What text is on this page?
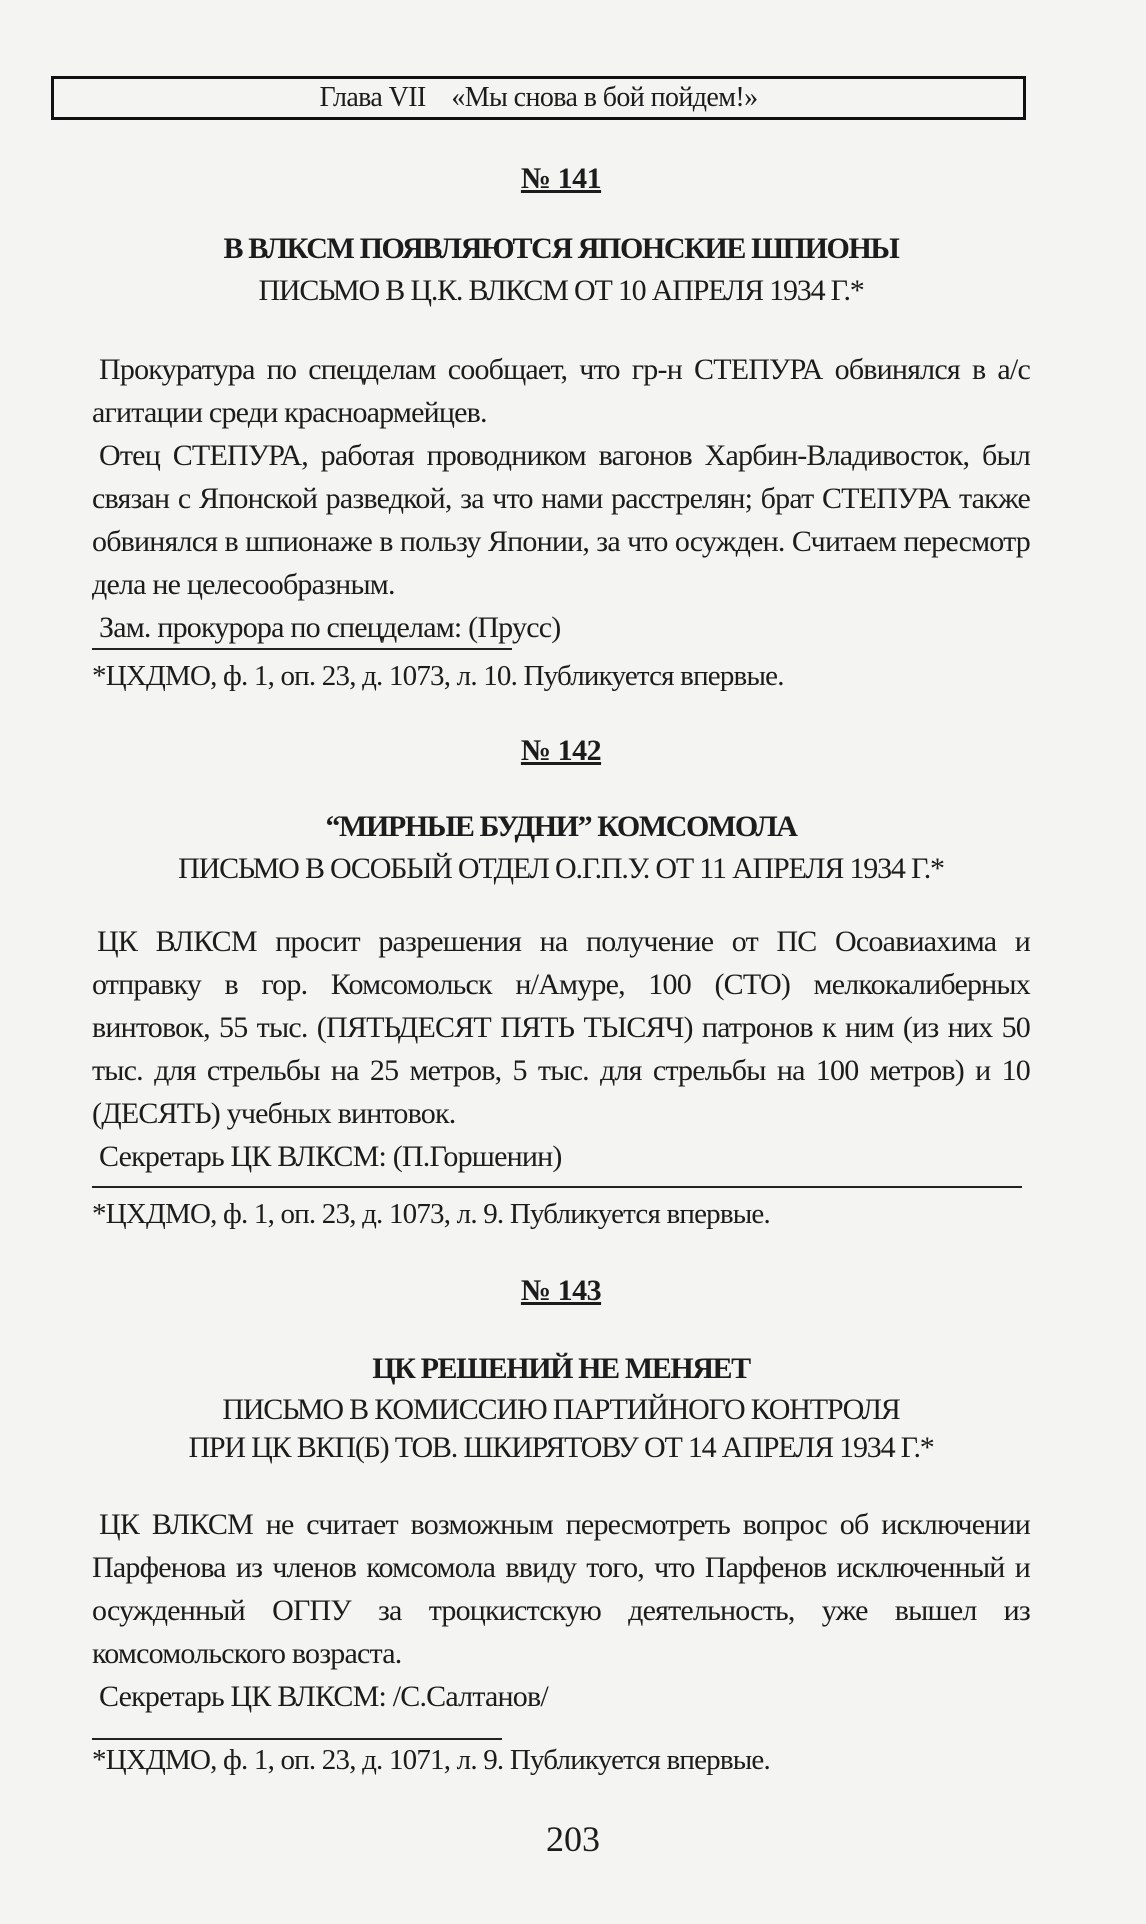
Глава VII «Мы снова в бой пойдем!»
№ 141
В ВЛКСМ ПОЯВЛЯЮТСЯ ЯПОНСКИЕ ШПИОНЫ
ПИСЬМО В Ц.К. ВЛКСМ ОТ 10 АПРЕЛЯ 1934 Г.*

Прокуратура по спецделам сообщает, что гр-н СТЕПУРА обвинялся в а/с агитации среди красноармейцев.

Отец СТЕПУРА, работая проводником вагонов Харбин-Владивосток, был связан с Японской разведкой, за что нами расстрелян; брат СТЕПУРА также обвинялся в шпионаже в пользу Японии, за что осужден. Считаем пересмотр дела не целесообразным.

Зам. прокурора по спецделам: (Прусс)

*ЦХДМО, ф. 1, оп. 23, д. 1073, л. 10. Публикуется впервые.
№ 142
“МИРНЫЕ БУДНИ” КОМСОМОЛА
ПИСЬМО В ОСОБЫЙ ОТДЕЛ О.Г.П.У. ОТ 11 АПРЕЛЯ 1934 Г.*

ЦК ВЛКСМ просит разрешения на получение от ПС Осоавиахима и отправку в гор. Комсомольск н/Амуре, 100 (СТО) мелкокалиберных винтовок, 55 тыс. (ПЯТЬДЕСЯТ ПЯТЬ ТЫСЯЧ) патронов к ним (из них 50 тыс. для стрельбы на 25 метров, 5 тыс. для стрельбы на 100 метров) и 10 (ДЕСЯТЬ) учебных винтовок.

Секретарь ЦК ВЛКСМ: (П.Горшенин)

*ЦХДМО, ф. 1, оп. 23, д. 1073, л. 9. Публикуется впервые.
№ 143
ЦК РЕШЕНИЙ НЕ МЕНЯЕТ
ПИСЬМО В КОМИССИЮ ПАРТИЙНОГО КОНТРОЛЯ
ПРИ ЦК ВКП(Б) ТОВ. ШКИРЯТОВУ ОТ 14 АПРЕЛЯ 1934 Г.*

ЦК ВЛКСМ не считает возможным пересмотреть вопрос об исключении Парфенова из членов комсомола ввиду того, что Парфенов исключенный и осужденный ОГПУ за троцкистскую деятельность, уже вышел из комсомольского возраста.

Секретарь ЦК ВЛКСМ: /С.Салтанов/

*ЦХДМО, ф. 1, оп. 23, д. 1071, л. 9. Публикуется впервые.
203
